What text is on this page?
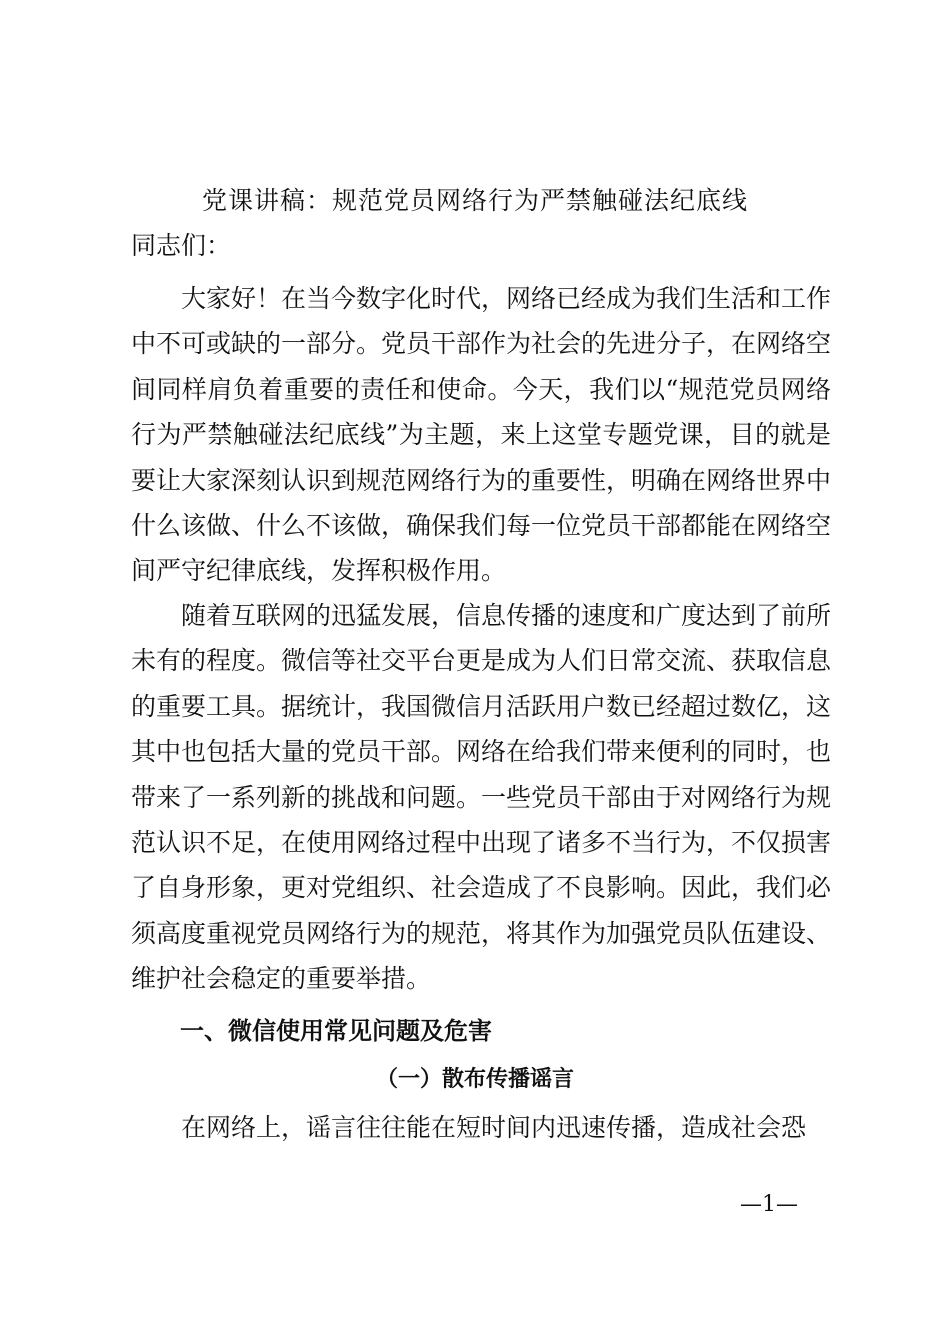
党课讲稿：规范党员网络行为严禁触碰法纪底线
同志们：

大家好！在当今数字化时代，网络已经成为我们生活和工作中不可或缺的一部分。党员干部作为社会的先进分子，在网络空间同样肩负着重要的责任和使命。今天，我们以“规范党员网络行为严禁触碰法纪底线”为主题，来上这堂专题党课，目的就是要让大家深刻认识到规范网络行为的重要性，明确在网络世界中什么该做、什么不该做，确保我们每一位党员干部都能在网络空间严守纪律底线，发挥积极作用。

随着互联网的迅猛发展，信息传播的速度和广度达到了前所未有的程度。微信等社交平台更是成为人们日常交流、获取信息的重要工具。据统计，我国微信月活跃用户数已经超过数亿，这其中也包括大量的党员干部。网络在给我们带来便利的同时，也带来了一系列新的挑战和问题。一些党员干部由于对网络行为规范认识不足，在使用网络过程中出现了诸多不当行为，不仅损害了自身形象，更对党组织、社会造成了不良影响。因此，我们必须高度重视党员网络行为的规范，将其作为加强党员队伍建设、维护社会稳定的重要举措。

一、微信使用常见问题及危害
（一）散布传播谣言

在网络上，谣言往往能在短时间内迅速传播，造成社会恐

—1—
